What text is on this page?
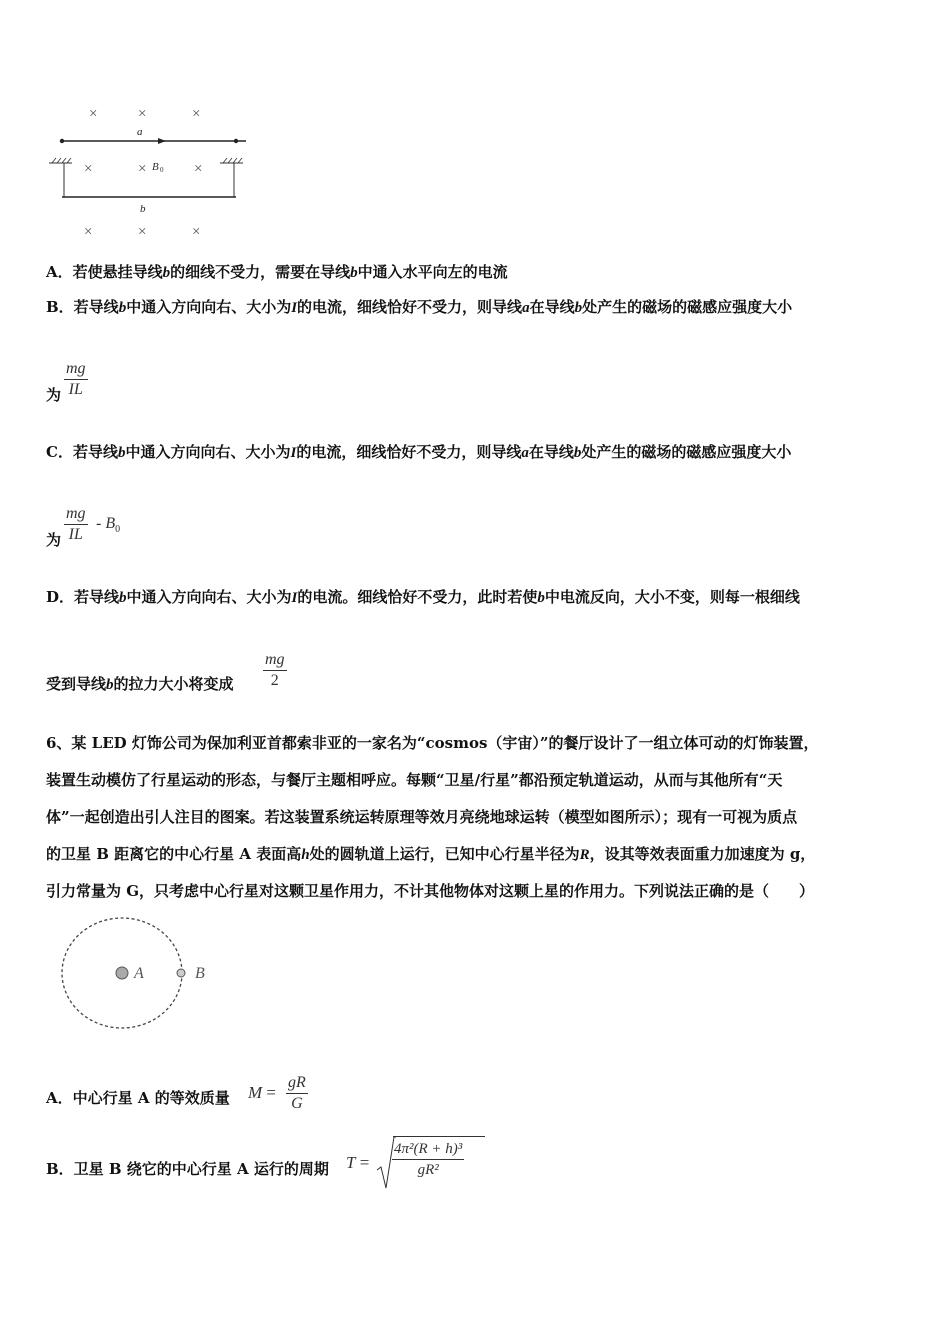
×	×	×
×	×	×
×	×	×
a
B 0
b
A．若使悬挂导线b的细线不受力，需要在导线b中通入水平向左的电流
B．若导线b中通入方向向右、大小为I的电流，细线恰好不受力，则导线a在导线b处产生的磁场的磁感应强度大小
为 $\frac{mg}{IL}$
C．若导线b中通入方向向右、大小为I的电流，细线恰好不受力，则导线a在导线b处产生的磁场的磁感应强度大小
为 $\frac{mg}{IL} - B_0$
D．若导线b中通入方向向右、大小为I的电流。细线恰好不受力，此时若使b中电流反向，大小不变，则每一根细线
受到导线b的拉力大小将变成 $\frac{mg}{2}$
6、某 LED 灯饰公司为保加利亚首都索非亚的一家名为“cosmos（宇宙）”的餐厅设计了一组立体可动的灯饰装置，
装置生动模仿了行星运动的形态，与餐厅主题相呼应。每颗“卫星/行星”都沿预定轨道运动，从而与其他所有“天
体”一起创造出引人注目的图案。若这装置系统运转原理等效月亮绕地球运转（模型如图所示）；现有一可视为质点
的卫星 B 距离它的中心行星 A 表面高h处的圆轨道上运行，已知中心行星半径为R，设其等效表面重力加速度为 g，
引力常量为 G，只考虑中心行星对这颗卫星作用力，不计其他物体对这颗上星的作用力。下列说法正确的是（　　）
A	B
A．中心行星 A 的等效质量 $M = \frac{gR}{G}$
B．卫星 B 绕它的中心行星 A 运行的周期 $T = \frac{\text{4π²(R + h)³}}{\text{gR²}}$
